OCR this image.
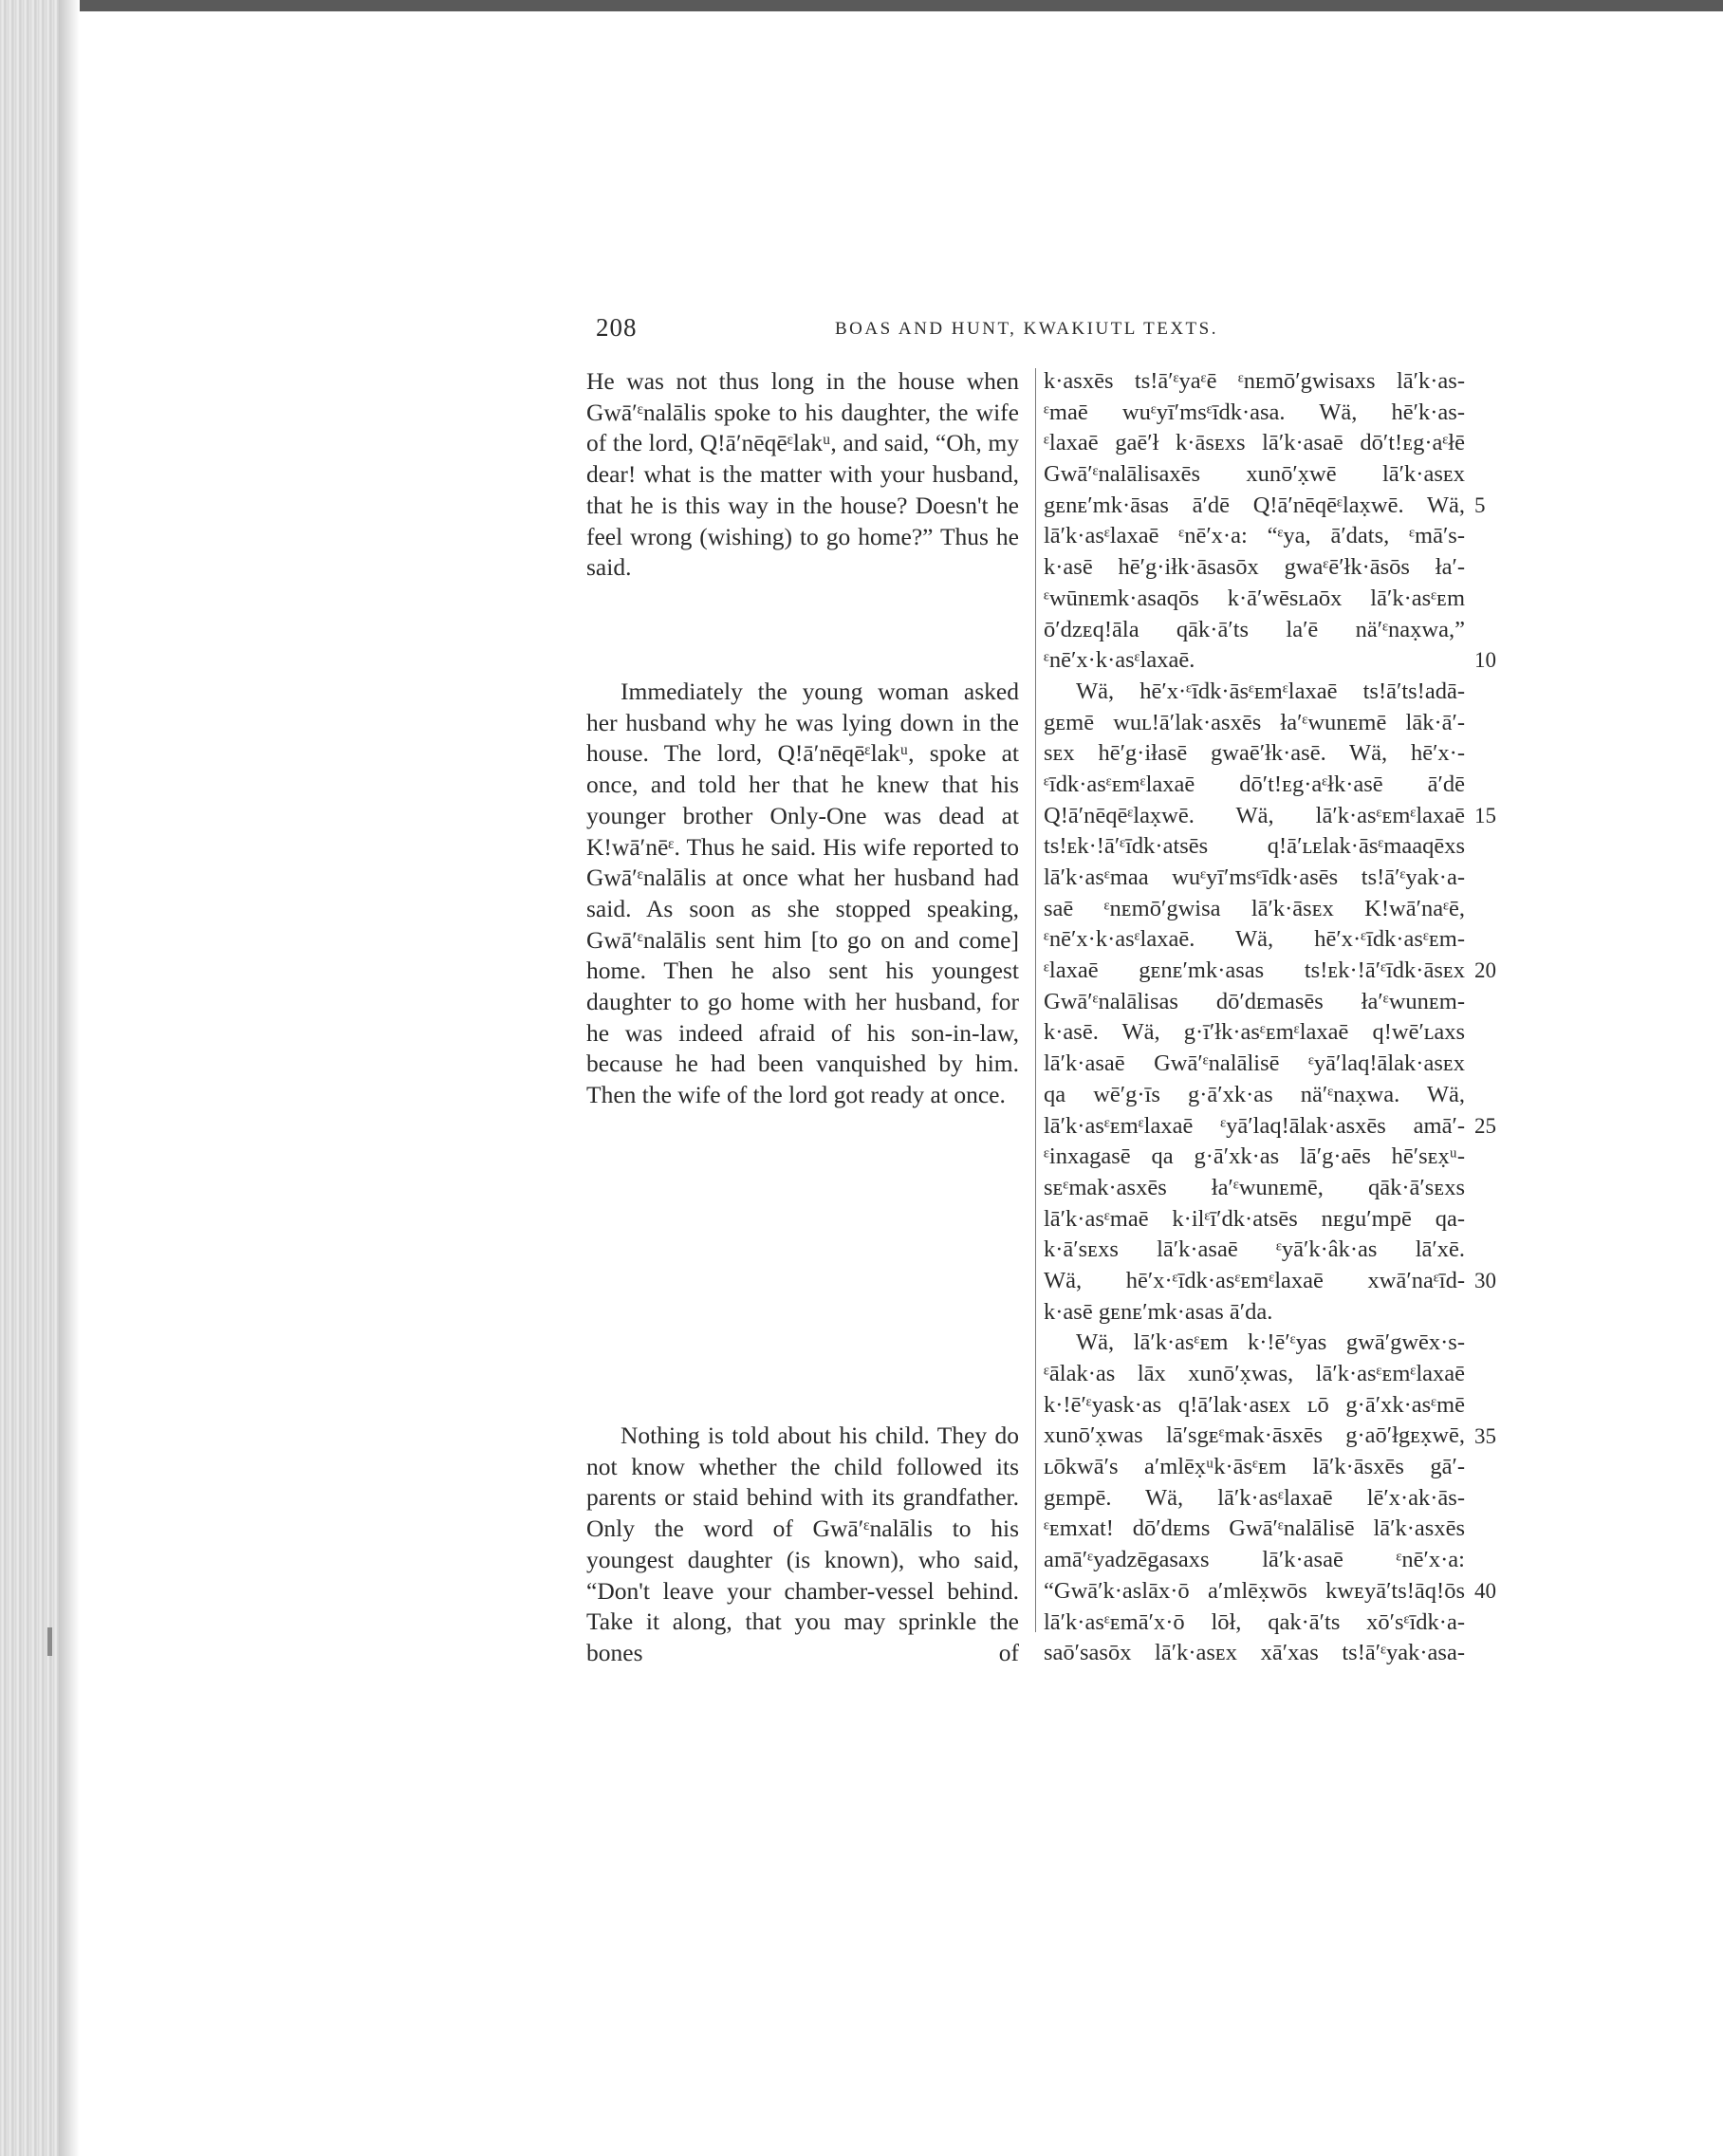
208	BOAS AND HUNT, KWAKIUTL TEXTS.

He was not thus long in the house when Gwā′ᵋnalālis spoke to his daughter, the wife of the lord, Q!ā′nēqēᵋlakᵘ, and said, “Oh, my dear! what is the matter with your husband, that he is this way in the house? Doesn't he feel wrong (wishing) to go home?” Thus he said.

Immediately the young woman asked her husband why he was lying down in the house. The lord, Q!ā′nēqēᵋlakᵘ, spoke at once, and told her that he knew that his younger brother Only-One was dead at K!wā′nēᵋ. Thus he said. His wife reported to Gwā′ᵋnalālis at once what her husband had said. As soon as she stopped speaking, Gwā′ᵋnalālis sent him [to go on and come] home. Then he also sent his youngest daughter to go home with her husband, for he was indeed afraid of his son-in-law, because he had been vanquished by him. Then the wife of the lord got ready at once.

Nothing is told about his child. They do not know whether the child followed its parents or staid behind with its grandfather. Only the word of Gwā′ᵋnalālis to his youngest daughter (is known), who said, “Don't leave your chamber-vessel behind. Take it along, that you may sprinkle the bones of

k·asxēs ts!ā′ᵋyaᵋē ᵋnᴇmō′gwisaxs lā′k·as-
ᵋmaē wuᵋyī′msᵋīdk·asa. Wä, hē′k·as-
ᵋlaxaē gaē′ł k·āsᴇxs lā′k·asaē dō′t!ᴇg·aᵋłē
Gwā′ᵋnalālisaxēs xunō′x̣wē lā′k·asᴇx
gᴇnᴇ′mk·āsas ā′dē Q!ā′nēqēᵋlax̣wē. Wä,
lā′k·asᵋlaxaē ᵋnē′x·a: “ᵋya, ā′dats, ᵋmā′s-
k·asē hē′g·iłk·āsasōx gwaᵋē′łk·āsōs ła′-
ᵋwūnᴇmk·asaqōs k·ā′wēsʟaōx lā′k·asᵋᴇm
ō′dzᴇq!āla qāk·ā′ts la′ē nä′ᵋnax̣wa,”
ᵋnē′x·k·asᵋlaxaē.
Wä, hē′x·ᵋīdk·āsᵋᴇmᵋlaxaē ts!ā′ts!adā-
gᴇmē wuʟ!ā′lak·asxēs ła′ᵋwunᴇmē lāk·ā′-
sᴇx hē′g·iłasē gwaē′łk·asē. Wä, hē′x·-
ᵋīdk·asᵋᴇmᵋlaxaē dō′t!ᴇg·aᵋłk·asē ā′dē
Q!ā′nēqēᵋlax̣wē. Wä, lā′k·asᵋᴇmᵋlaxaē
ts!ᴇk·!ā′ᵋīdk·atsēs q!ā′ʟᴇlak·āsᵋmaaqēxs
lā′k·asᵋmaa wuᵋyī′msᵋīdk·asēs ts!ā′ᵋyak·a-
saē ᵋnᴇmō′gwisa lā′k·āsᴇx K!wā′naᵋē,
ᵋnē′x·k·asᵋlaxaē. Wä, hē′x·ᵋīdk·asᵋᴇm-
ᵋlaxaē gᴇnᴇ′mk·asas ts!ᴇk·!ā′ᵋīdk·āsᴇx
Gwā′ᵋnalālisas dō′dᴇmasēs ła′ᵋwunᴇm-
k·asē. Wä, g·ī′łk·asᵋᴇmᵋlaxaē q!wē′ʟaxs
lā′k·asaē Gwā′ᵋnalālisē ᵋyā′laq!ālak·asᴇx
qa wē′g·īs g·ā′xk·as nä′ᵋnax̣wa. Wä,
lā′k·asᵋᴇmᵋlaxaē ᵋyā′laq!ālak·asxēs amā′-
ᵋinxagasē qa g·ā′xk·as lā′g·aēs hē′sᴇx̣ᵘ-
sᴇᵋmak·asxēs ła′ᵋwunᴇmē, qāk·ā′sᴇxs
lā′k·asᵋmaē k·ilᵋī′dk·atsēs nᴇgu′mpē qa-
k·ā′sᴇxs lā′k·asaē ᵋyā′k·âk·as lā′xē.
Wä, hē′x·ᵋīdk·asᵋᴇmᵋlaxaē xwā′naᵋīd-
k·asē gᴇnᴇ′mk·asas ā′da.
Wä, lā′k·asᵋᴇm k·!ē′ᵋyas gwā′gwēx·s-
ᵋālak·as lāx xunō′x̣was, lā′k·asᵋᴇmᵋlaxaē
k·!ē′ᵋyask·as q!ā′lak·asᴇx ʟō g·ā′xk·asᵋmē
xunō′x̣was lā′sgᴇᵋmak·āsxēs g·aō′łgᴇx̣wē,
ʟōkwā′s a′mlēx̣ᵘk·āsᵋᴇm lā′k·āsxēs gā′-
gᴇmpē. Wä, lā′k·asᵋlaxaē lē′x·ak·ās-
ᵋᴇmxat! dō′dᴇms Gwā′ᵋnalālisē lā′k·asxēs
amā′ᵋyadzēgasaxs lā′k·asaē ᵋnē′x·a:
“Gwā′k·aslāx·ō a′mlēx̣wōs kwᴇyā′ts!āq!ōs
lā′k·asᵋᴇmā′x·ō lōł, qak·ā′ts xō′sᵋīdk·a-
saō′sasōx lā′k·asᴇx xā′xas ts!ā′ᵋyak·asa-
5
10
15
20
25
30
35
40
